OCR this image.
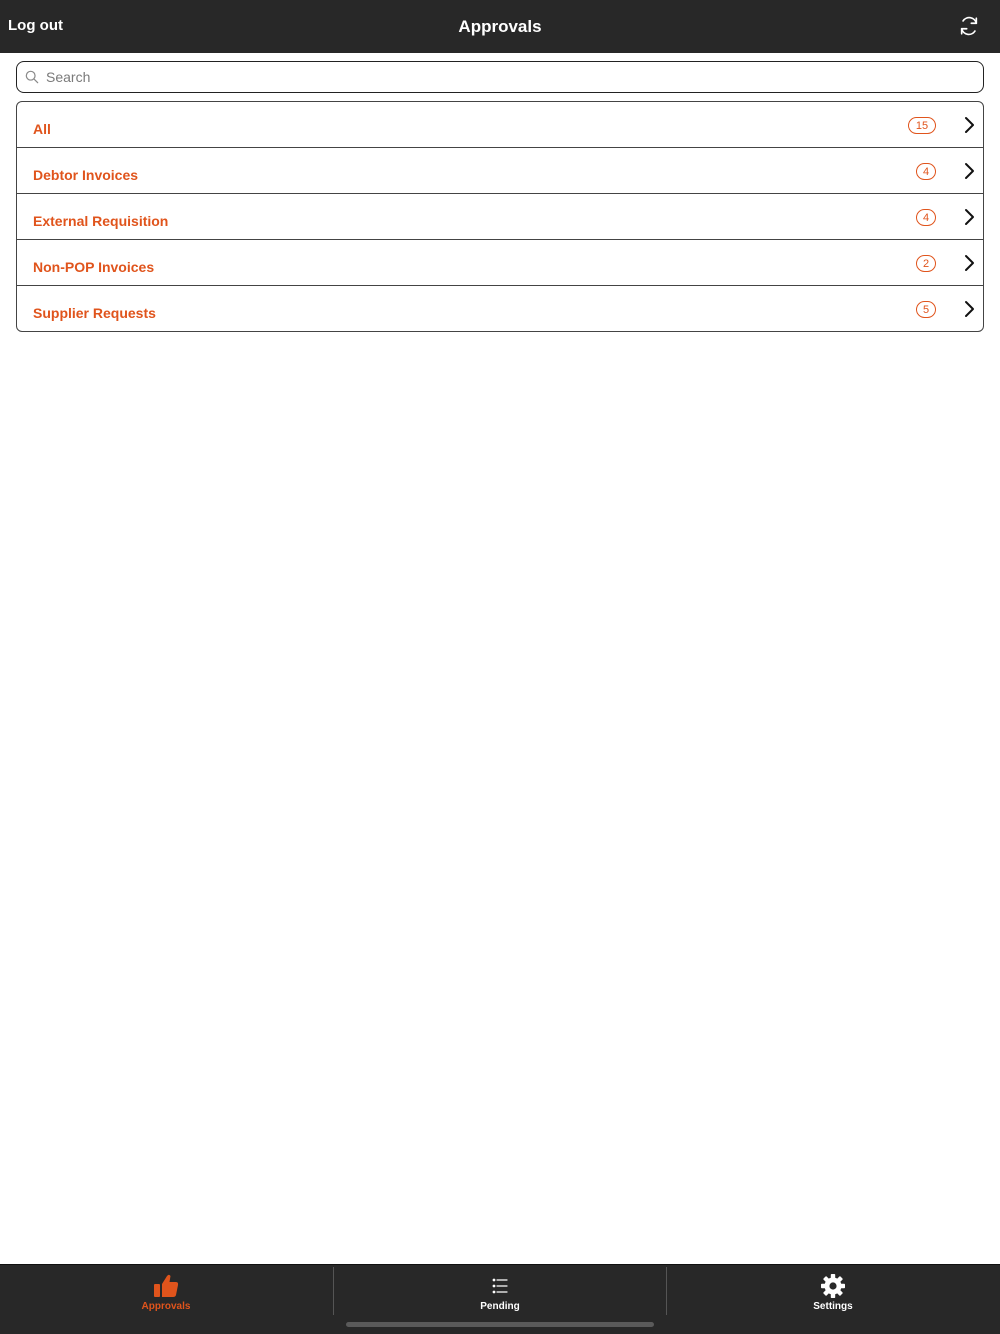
Log out	Approvals
Search
All	15
Debtor Invoices	4
External Requisition	4
Non-POP Invoices	2
Supplier Requests	5
Approvals	Pending	Settings
